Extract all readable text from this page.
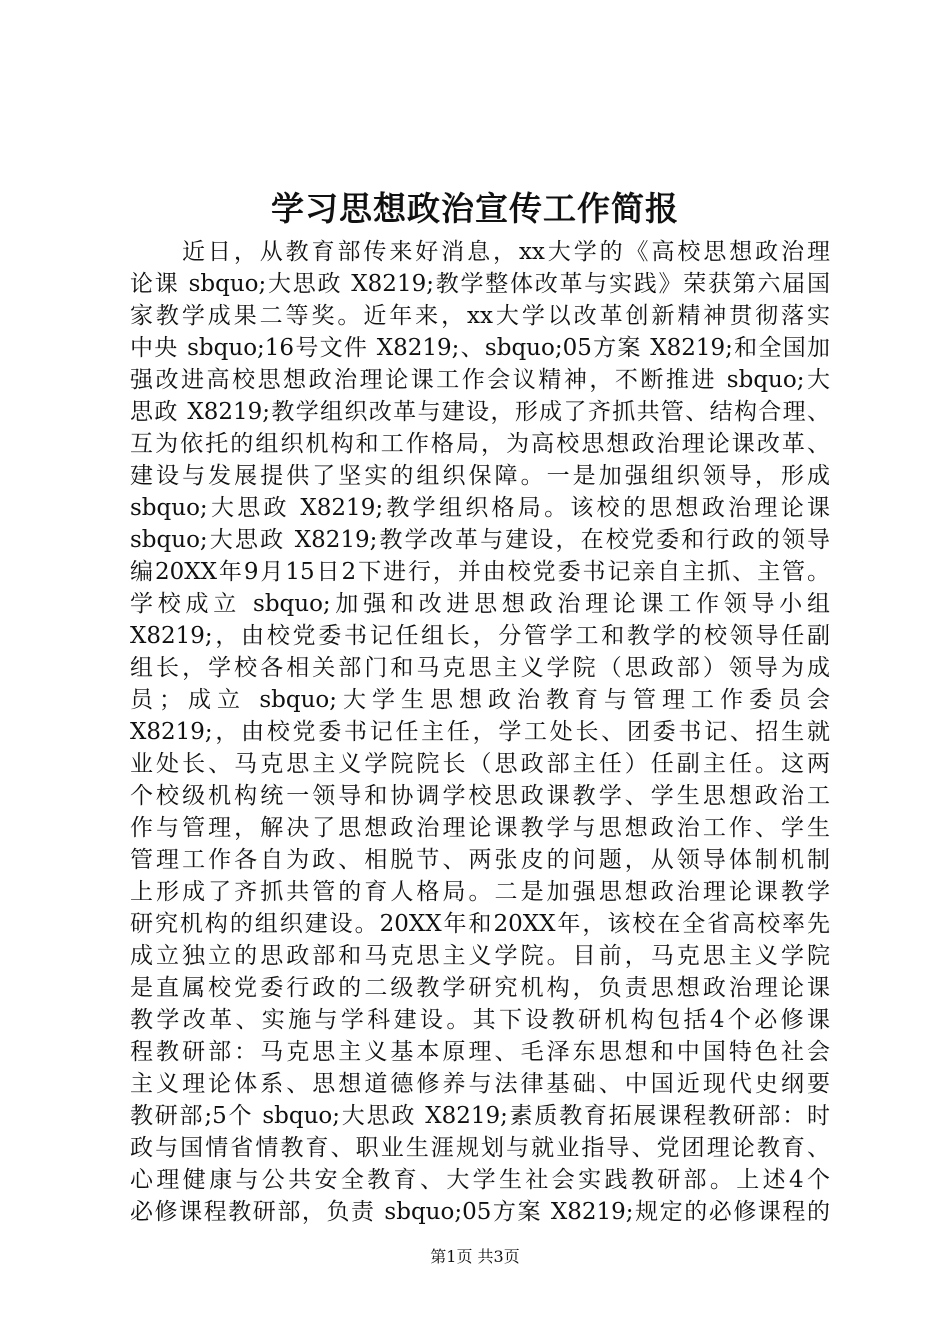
学习思想政治宣传工作简报
近日，从教育部传来好消息，xx大学的《高校思想政治理
论课 sbquo;大思政 X8219;教学整体改革与实践》荣获第六届国
家教学成果二等奖。近年来，xx大学以改革创新精神贯彻落实
中央 sbquo;16号文件 X8219;、sbquo;05方案 X8219;和全国加
强改进高校思想政治理论课工作会议精神，不断推进 sbquo;大
思政 X8219;教学组织改革与建设，形成了齐抓共管、结构合理、
互为依托的组织机构和工作格局，为高校思想政治理论课改革、
建设与发展提供了坚实的组织保障。一是加强组织领导，形成
sbquo;大思政 X8219;教学组织格局。该校的思想政治理论课
sbquo;大思政 X8219;教学改革与建设，在校党委和行政的领导
编20XX年9月15日2下进行，并由校党委书记亲自主抓、主管。
学校成立 sbquo;加强和改进思想政治理论课工作领导小组
X8219;，由校党委书记任组长，分管学工和教学的校领导任副
组长，学校各相关部门和马克思主义学院（思政部）领导为成
员；成立 sbquo;大学生思想政治教育与管理工作委员会
X8219;，由校党委书记任主任，学工处长、团委书记、招生就
业处长、马克思主义学院院长（思政部主任）任副主任。这两
个校级机构统一领导和协调学校思政课教学、学生思想政治工
作与管理，解决了思想政治理论课教学与思想政治工作、学生
管理工作各自为政、相脱节、两张皮的问题，从领导体制机制
上形成了齐抓共管的育人格局。二是加强思想政治理论课教学
研究机构的组织建设。20XX年和20XX年，该校在全省高校率先
成立独立的思政部和马克思主义学院。目前，马克思主义学院
是直属校党委行政的二级教学研究机构，负责思想政治理论课
教学改革、实施与学科建设。其下设教研机构包括4个必修课
程教研部：马克思主义基本原理、毛泽东思想和中国特色社会
主义理论体系、思想道德修养与法律基础、中国近现代史纲要
教研部;5个 sbquo;大思政 X8219;素质教育拓展课程教研部：时
政与国情省情教育、职业生涯规划与就业指导、党团理论教育、
心理健康与公共安全教育、大学生社会实践教研部。上述4个
必修课程教研部，负责 sbquo;05方案 X8219;规定的必修课程的
第1页 共3页
